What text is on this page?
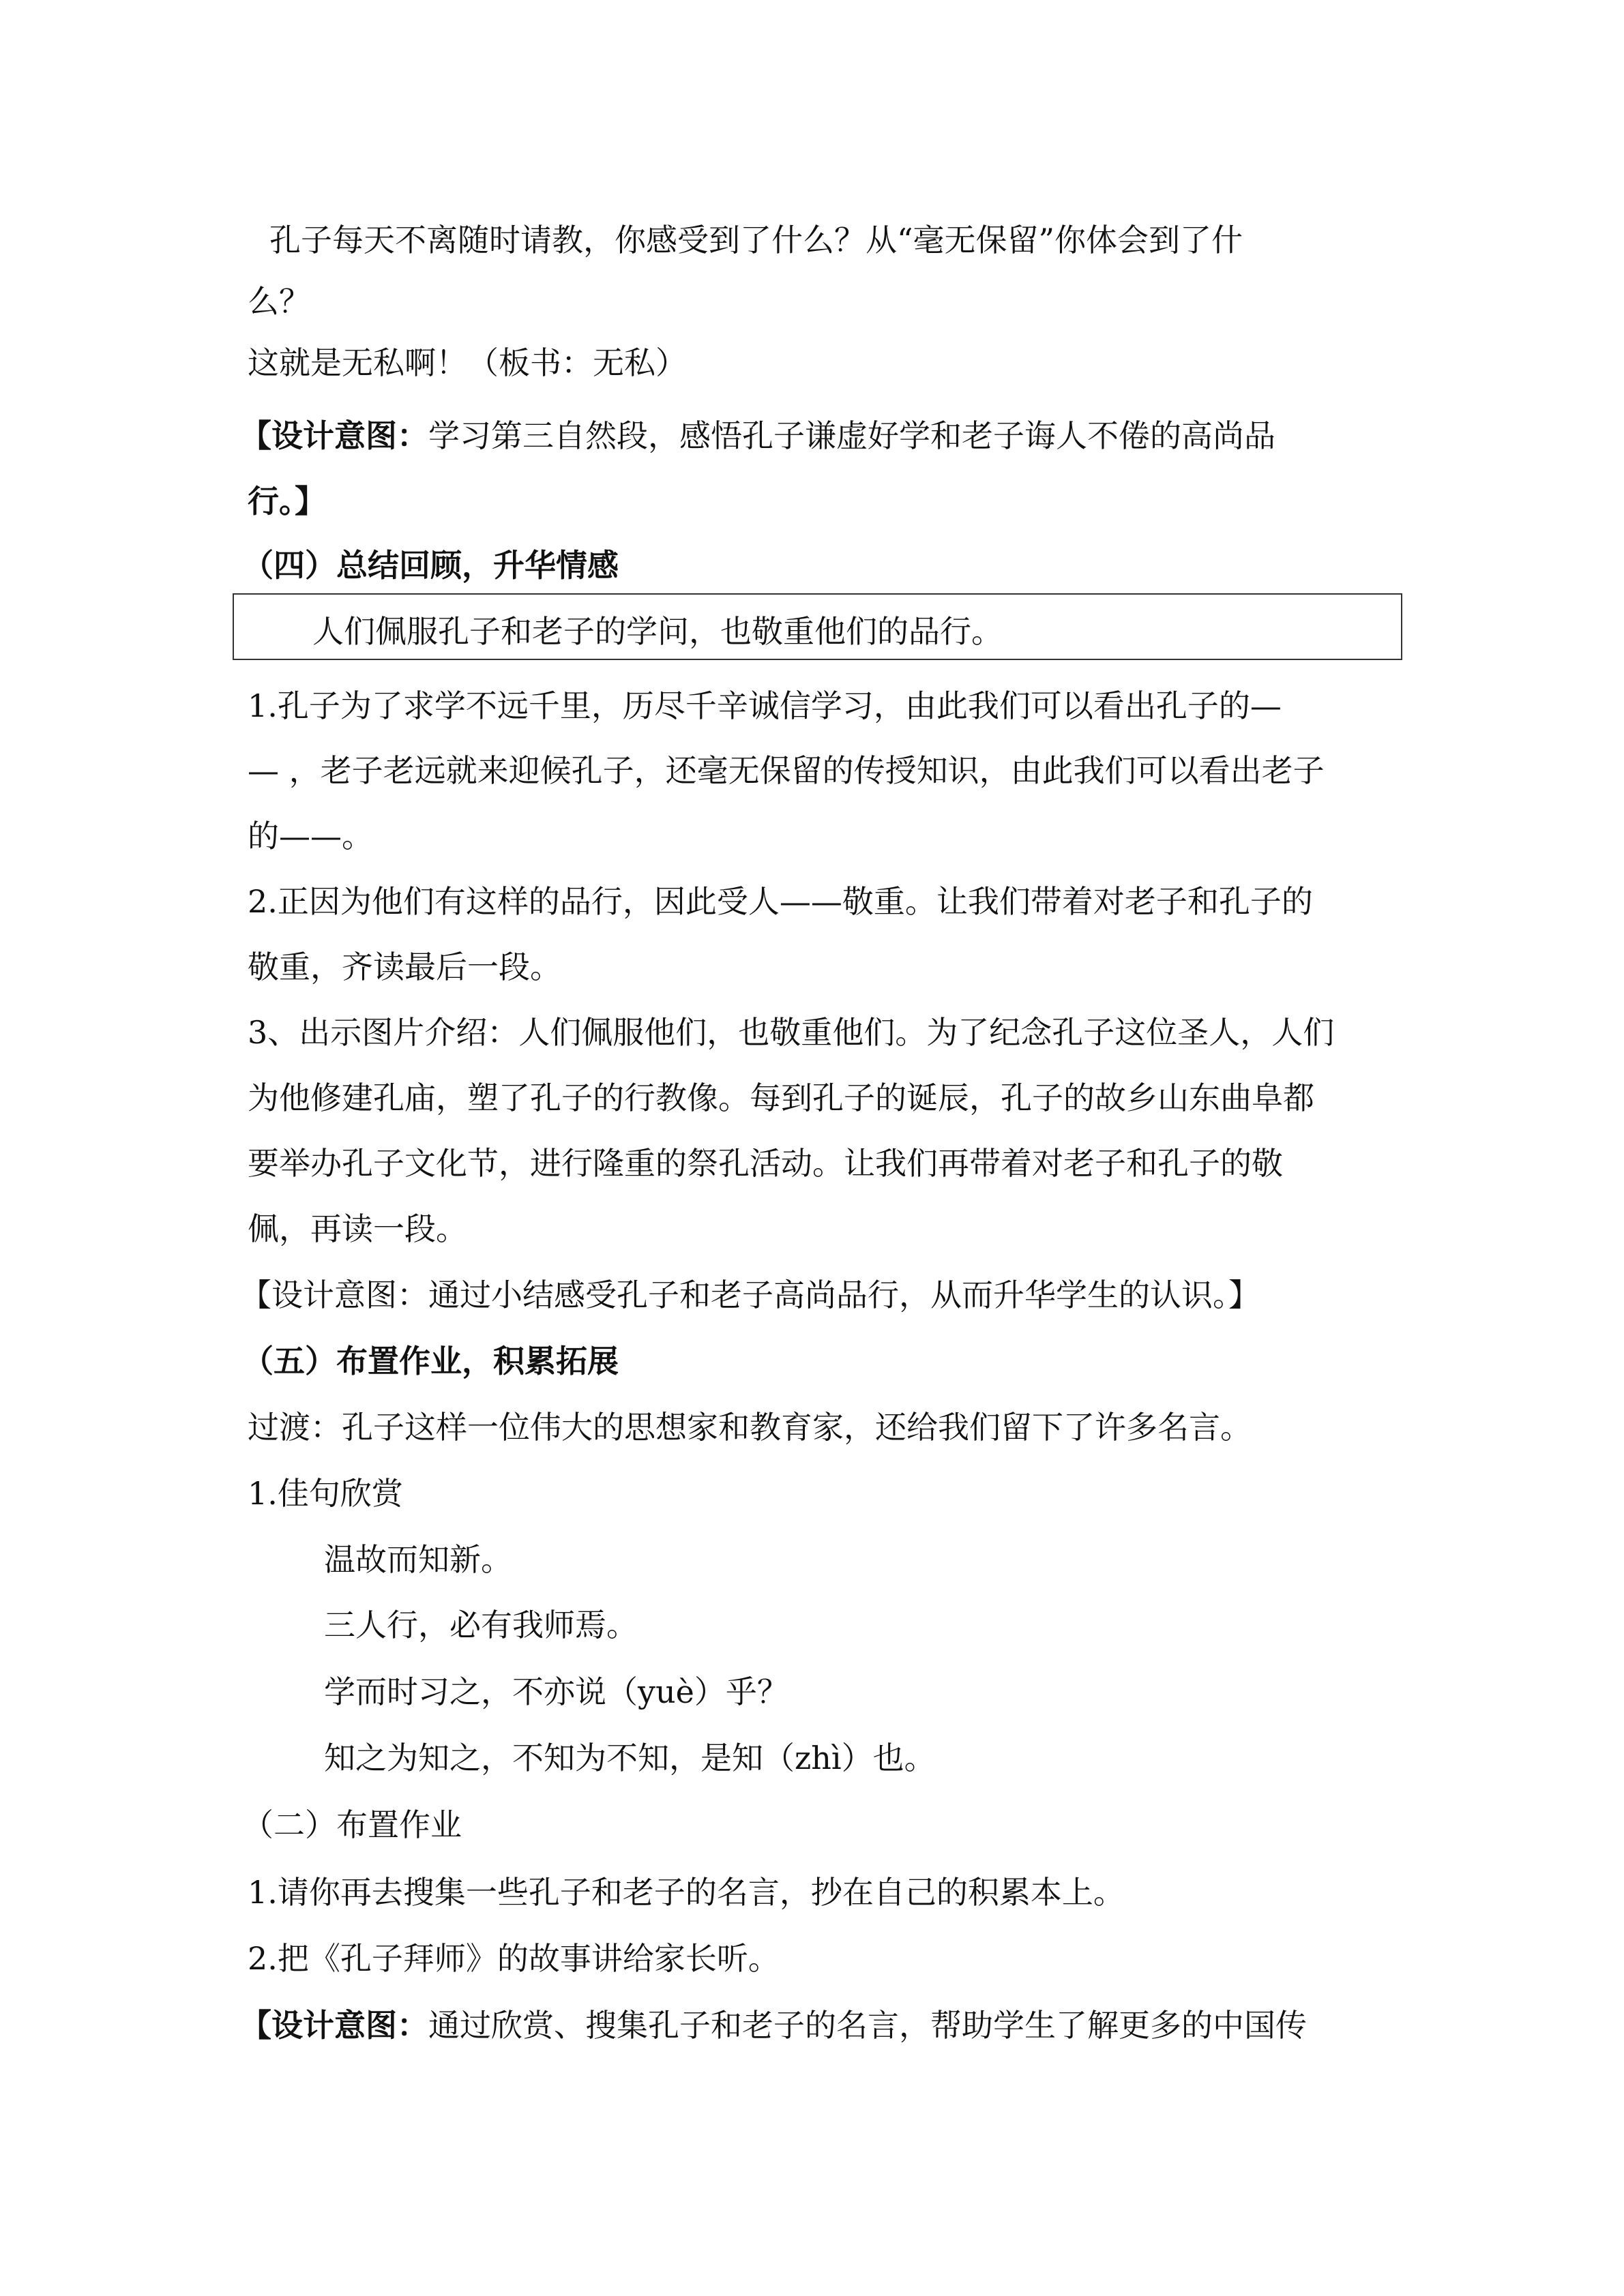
孔子每天不离随时请教，你感受到了什么？从“毫无保留”你体会到了什
么？
这就是无私啊！（板书：无私）
【设计意图：学习第三自然段，感悟孔子谦虚好学和老子诲人不倦的高尚品
行。】
（四）总结回顾，升华情感
人们佩服孔子和老子的学问，也敬重他们的品行。
1.孔子为了求学不远千里，历尽千辛诚信学习，由此我们可以看出孔子的—
— ，老子老远就来迎候孔子，还毫无保留的传授知识，由此我们可以看出老子
的——。
2.正因为他们有这样的品行，因此受人——敬重。让我们带着对老子和孔子的
敬重，齐读最后一段。
3、出示图片介绍：人们佩服他们，也敬重他们。为了纪念孔子这位圣人，人们
为他修建孔庙，塑了孔子的行教像。每到孔子的诞辰，孔子的故乡山东曲阜都
要举办孔子文化节，进行隆重的祭孔活动。让我们再带着对老子和孔子的敬
佩，再读一段。
【设计意图：通过小结感受孔子和老子高尚品行，从而升华学生的认识。】
（五）布置作业，积累拓展
过渡：孔子这样一位伟大的思想家和教育家，还给我们留下了许多名言。
1.佳句欣赏
温故而知新。
三人行，必有我师焉。
学而时习之，不亦说（yuè）乎？
知之为知之，不知为不知，是知（zhì）也。
（二）布置作业
1.请你再去搜集一些孔子和老子的名言，抄在自己的积累本上。
2.把《孔子拜师》的故事讲给家长听。
【设计意图：通过欣赏、搜集孔子和老子的名言，帮助学生了解更多的中国传
